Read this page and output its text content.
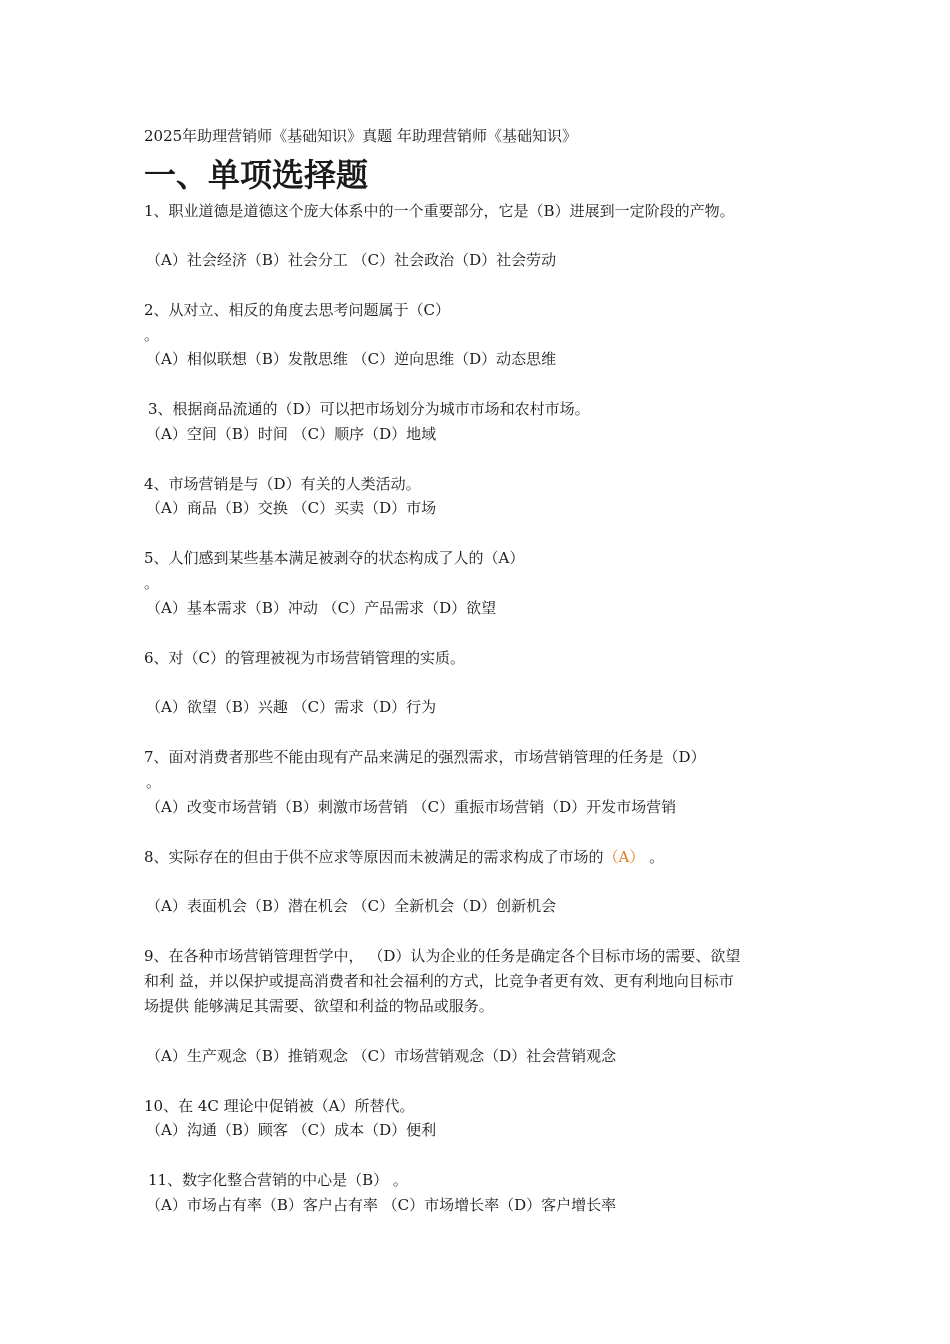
2025年助理营销师《基础知识》真题 年助理营销师《基础知识》
一、单项选择题
1、职业道德是道德这个庞大体系中的一个重要部分，它是（B）进展到一定阶段的产物。
（A）社会经济（B）社会分工 （C）社会政治（D）社会劳动
2、从对立、相反的角度去思考问题属于（C）
。
（A）相似联想（B）发散思维 （C）逆向思维（D）动态思维
3、根据商品流通的（D）可以把市场划分为城市市场和农村市场。
（A）空间（B）时间 （C）顺序（D）地域
4、市场营销是与（D）有关的人类活动。
（A）商品（B）交换 （C）买卖（D）市场
5、人们感到某些基本满足被剥夺的状态构成了人的（A）
。
（A）基本需求（B）冲动 （C）产品需求（D）欲望
6、对（C）的管理被视为市场营销管理的实质。
（A）欲望（B）兴趣 （C）需求（D）行为
7、面对消费者那些不能由现有产品来满足的强烈需求，市场营销管理的任务是（D）
。
（A）改变市场营销（B）刺激市场营销 （C）重振市场营销（D）开发市场营销
8、实际存在的但由于供不应求等原因而未被满足的需求构成了市场的（A） 。
（A）表面机会（B）潜在机会 （C）全新机会（D）创新机会
9、在各种市场营销管理哲学中， （D）认为企业的任务是确定各个目标市场的需要、欲望
和利 益，并以保护或提高消费者和社会福利的方式，比竞争者更有效、更有利地向目标市
场提供 能够满足其需要、欲望和利益的物品或服务。
（A）生产观念（B）推销观念 （C）市场营销观念（D）社会营销观念
10、在 4C 理论中促销被（A）所替代。
（A）沟通（B）顾客 （C）成本（D）便利
11、数字化整合营销的中心是（B） 。
（A）市场占有率（B）客户占有率 （C）市场增长率（D）客户增长率
